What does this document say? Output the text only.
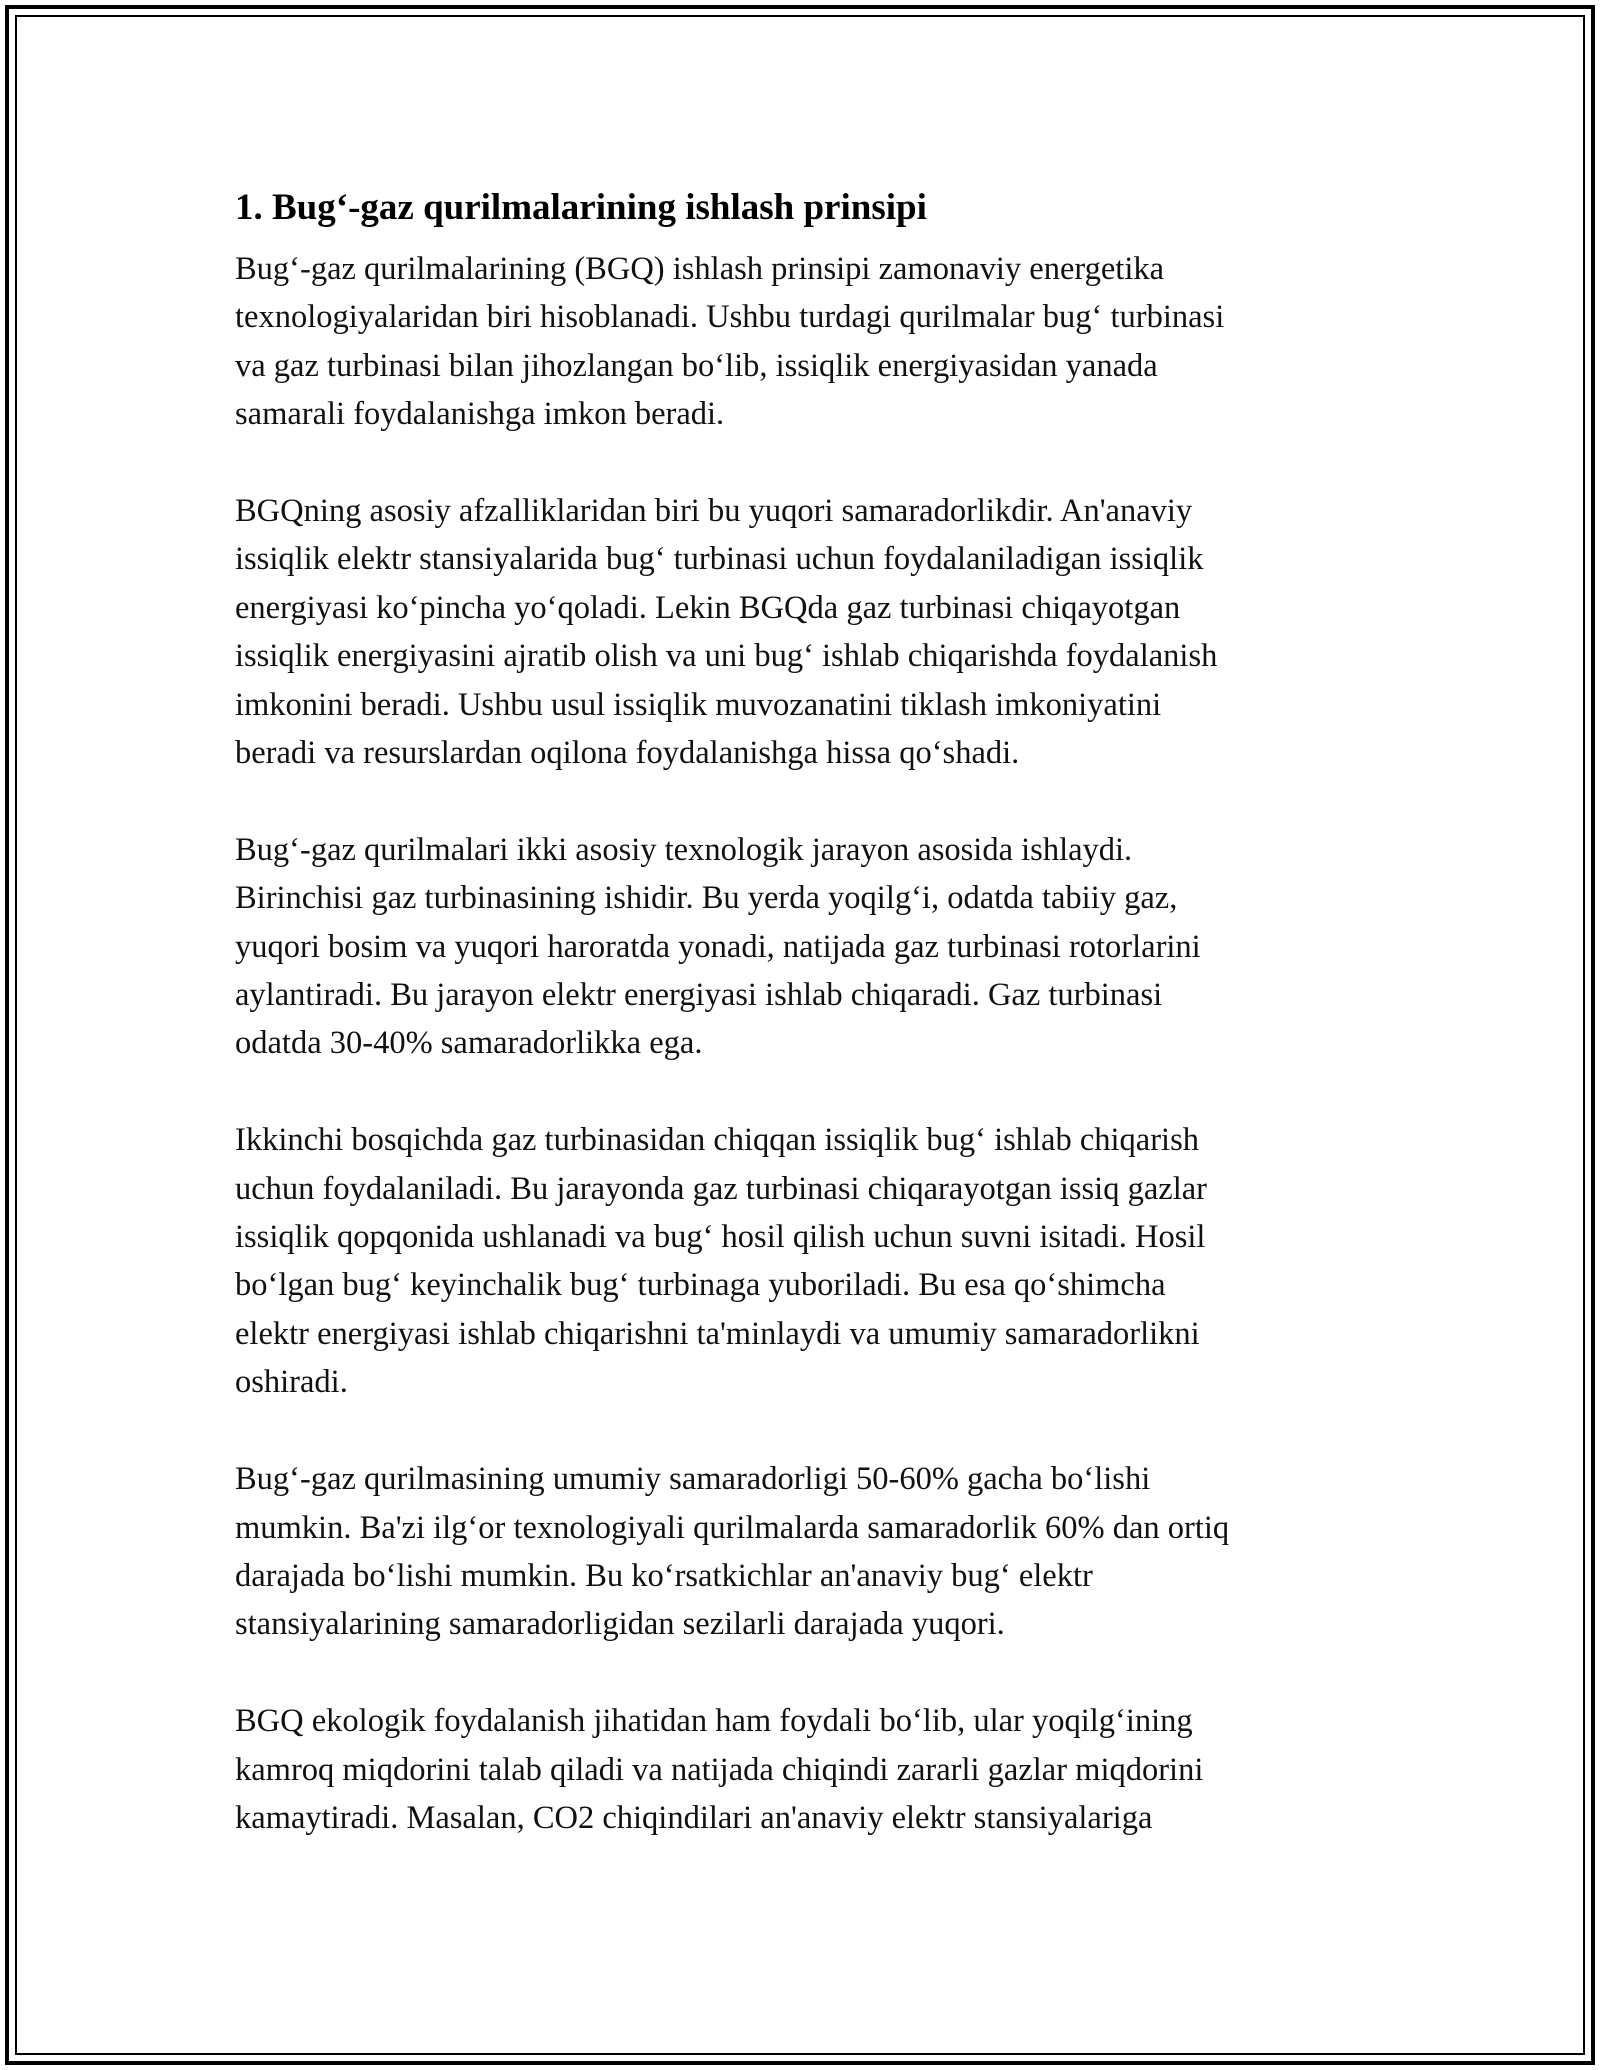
1. Bug‘-gaz qurilmalarining ishlash prinsipi

Bug‘-gaz qurilmalarining (BGQ) ishlash prinsipi zamonaviy energetika
texnologiyalaridan biri hisoblanadi. Ushbu turdagi qurilmalar bug‘ turbinasi
va gaz turbinasi bilan jihozlangan bo‘lib, issiqlik energiyasidan yanada
samarali foydalanishga imkon beradi.

BGQning asosiy afzalliklaridan biri bu yuqori samaradorlikdir. An'anaviy
issiqlik elektr stansiyalarida bug‘ turbinasi uchun foydalaniladigan issiqlik
energiyasi ko‘pincha yo‘qoladi. Lekin BGQda gaz turbinasi chiqayotgan
issiqlik energiyasini ajratib olish va uni bug‘ ishlab chiqarishda foydalanish
imkonini beradi. Ushbu usul issiqlik muvozanatini tiklash imkoniyatini
beradi va resurslardan oqilona foydalanishga hissa qo‘shadi.

Bug‘-gaz qurilmalari ikki asosiy texnologik jarayon asosida ishlaydi.
Birinchisi gaz turbinasining ishidir. Bu yerda yoqilg‘i, odatda tabiiy gaz,
yuqori bosim va yuqori haroratda yonadi, natijada gaz turbinasi rotorlarini
aylantiradi. Bu jarayon elektr energiyasi ishlab chiqaradi. Gaz turbinasi
odatda 30-40% samaradorlikka ega.

Ikkinchi bosqichda gaz turbinasidan chiqqan issiqlik bug‘ ishlab chiqarish
uchun foydalaniladi. Bu jarayonda gaz turbinasi chiqarayotgan issiq gazlar
issiqlik qopqonida ushlanadi va bug‘ hosil qilish uchun suvni isitadi. Hosil
bo‘lgan bug‘ keyinchalik bug‘ turbinaga yuboriladi. Bu esa qo‘shimcha
elektr energiyasi ishlab chiqarishni ta'minlaydi va umumiy samaradorlikni
oshiradi.

Bug‘-gaz qurilmasining umumiy samaradorligi 50-60% gacha bo‘lishi
mumkin. Ba'zi ilg‘or texnologiyali qurilmalarda samaradorlik 60% dan ortiq
darajada bo‘lishi mumkin. Bu ko‘rsatkichlar an'anaviy bug‘ elektr
stansiyalarining samaradorligidan sezilarli darajada yuqori.

BGQ ekologik foydalanish jihatidan ham foydali bo‘lib, ular yoqilg‘ining
kamroq miqdorini talab qiladi va natijada chiqindi zararli gazlar miqdorini
kamaytiradi. Masalan, CO2 chiqindilari an'anaviy elektr stansiyalariga
